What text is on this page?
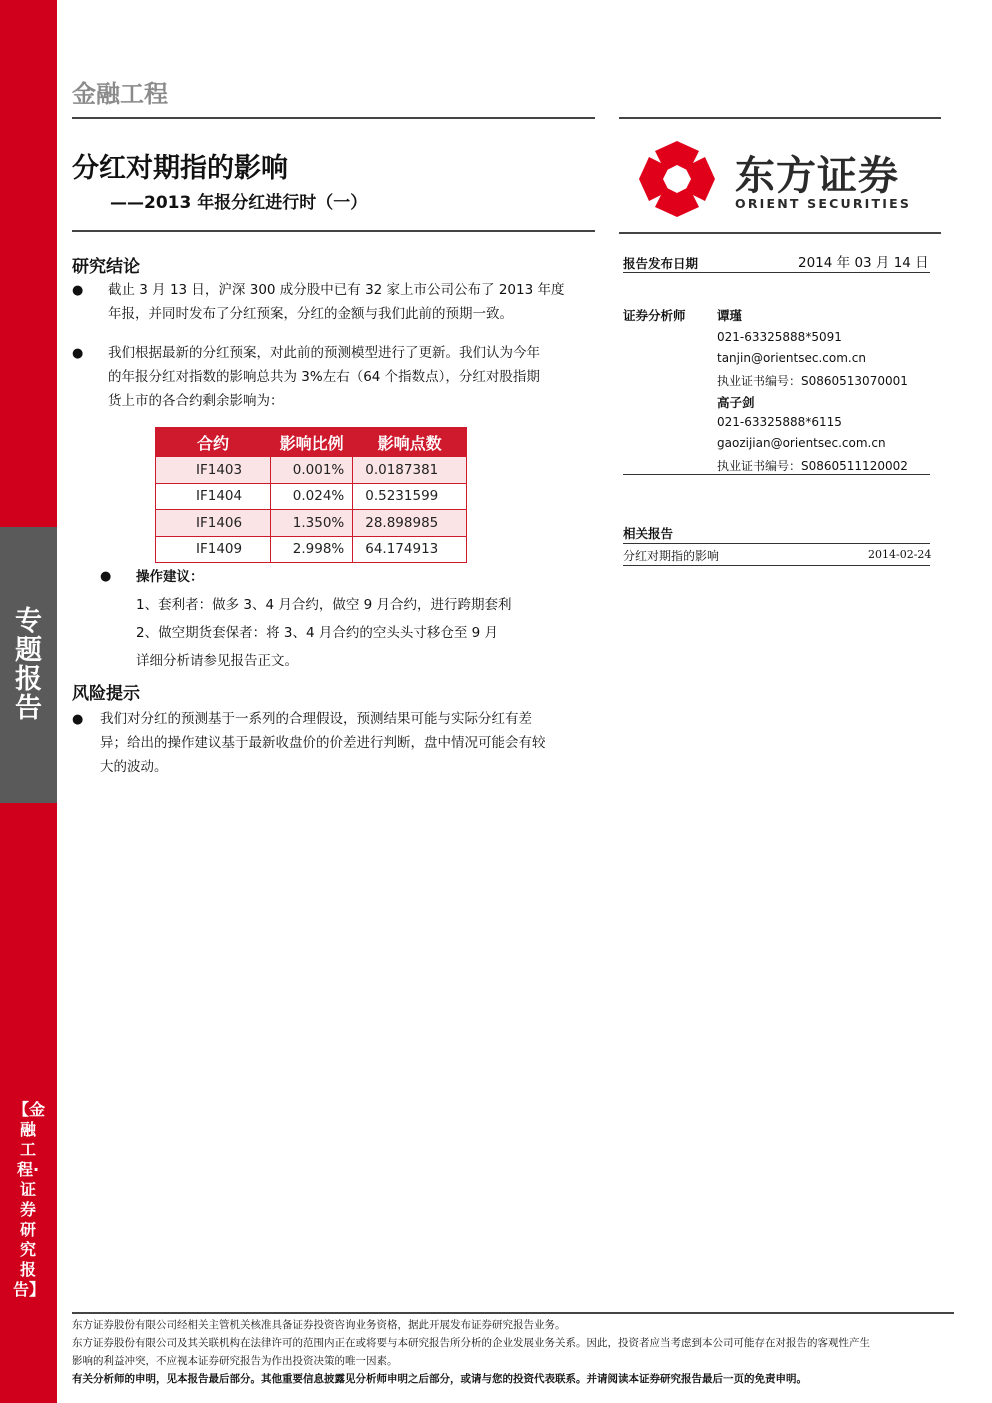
专题报告
【金融工程·证券研究报告】
金融工程
分红对期指的影响
——2013 年报分红进行时（一）
东方证券
ORIENT SECURITIES
研究结论
● 截止 3 月 13 日，沪深 300 成分股中已有 32 家上市公司公布了 2013 年度
年报，并同时发布了分红预案，分红的金额与我们此前的预期一致。
● 我们根据最新的分红预案，对此前的预测模型进行了更新。我们认为今年
的年报分红对指数的影响总共为 3%左右（64 个指数点），分红对股指期
货上市的各合约剩余影响为：
合约	影响比例	影响点数
IF1403	0.001%	0.0187381
IF1404	0.024%	0.5231599
IF1406	1.350%	28.898985
IF1409	2.998%	64.174913
● 操作建议：
1、套利者：做多 3、4 月合约，做空 9 月合约，进行跨期套利
2、做空期货套保者：将 3、4 月合约的空头头寸移仓至 9 月
详细分析请参见报告正文。
风险提示
● 我们对分红的预测基于一系列的合理假设，预测结果可能与实际分红有差
异；给出的操作建议基于最新收盘价的价差进行判断，盘中情况可能会有较
大的波动。
报告发布日期	2014 年 03 月 14 日
证券分析师	谭瑾
021-63325888*5091
tanjin@orientsec.com.cn
执业证书编号：S0860513070001
高子剑
021-63325888*6115
gaozijian@orientsec.com.cn
执业证书编号：S0860511120002
相关报告
分红对期指的影响	2014-02-24
东方证券股份有限公司经相关主管机关核准具备证券投资咨询业务资格，据此开展发布证券研究报告业务。
东方证券股份有限公司及其关联机构在法律许可的范围内正在或将要与本研究报告所分析的企业发展业务关系。因此，投资者应当考虑到本公司可能存在对报告的客观性产生
影响的利益冲突，不应视本证券研究报告为作出投资决策的唯一因素。
有关分析师的申明，见本报告最后部分。其他重要信息披露见分析师申明之后部分，或请与您的投资代表联系。并请阅读本证券研究报告最后一页的免责申明。
